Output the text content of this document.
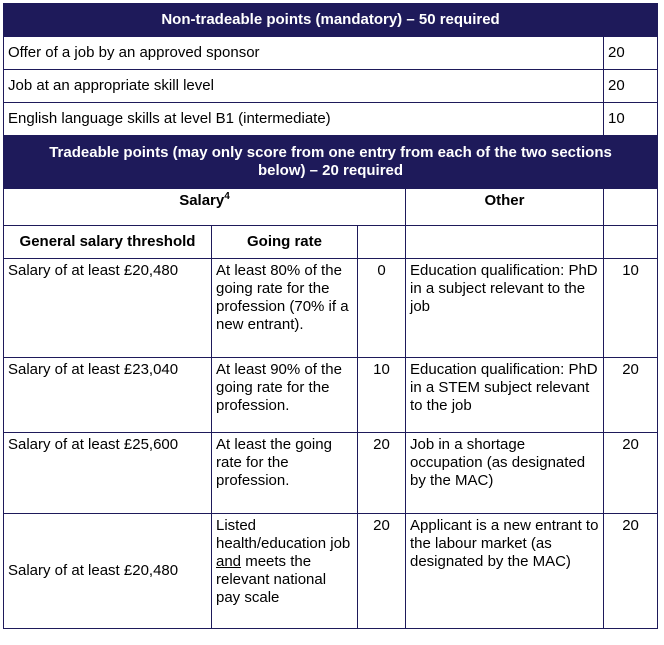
Non-tradeable points (mandatory) – 50 required				
Offer of a job by an approved sponsor				20
Job at an appropriate skill level				20
English language skills at level B1 (intermediate)				10
Tradeable points (may only score from one entry from each of the two sections below) – 20 required				
Salary$^4$			Other	
General salary threshold	Going rate			
Salary of at least £20,480	At least 80% of the going rate for the profession (70% if a new entrant).	0	Education qualification: PhD in a subject relevant to the job	10
Salary of at least £23,040	At least 90% of the going rate for the profession.	10	Education qualification: PhD in a STEM subject relevant to the job	20
Salary of at least £25,600	At least the going rate for the profession.	20	Job in a shortage occupation (as designated by the MAC)	20
Salary of at least £20,480	Listed health/education job and meets the relevant national pay scale	20	Applicant is a new entrant to the labour market (as designated by the MAC)	20
